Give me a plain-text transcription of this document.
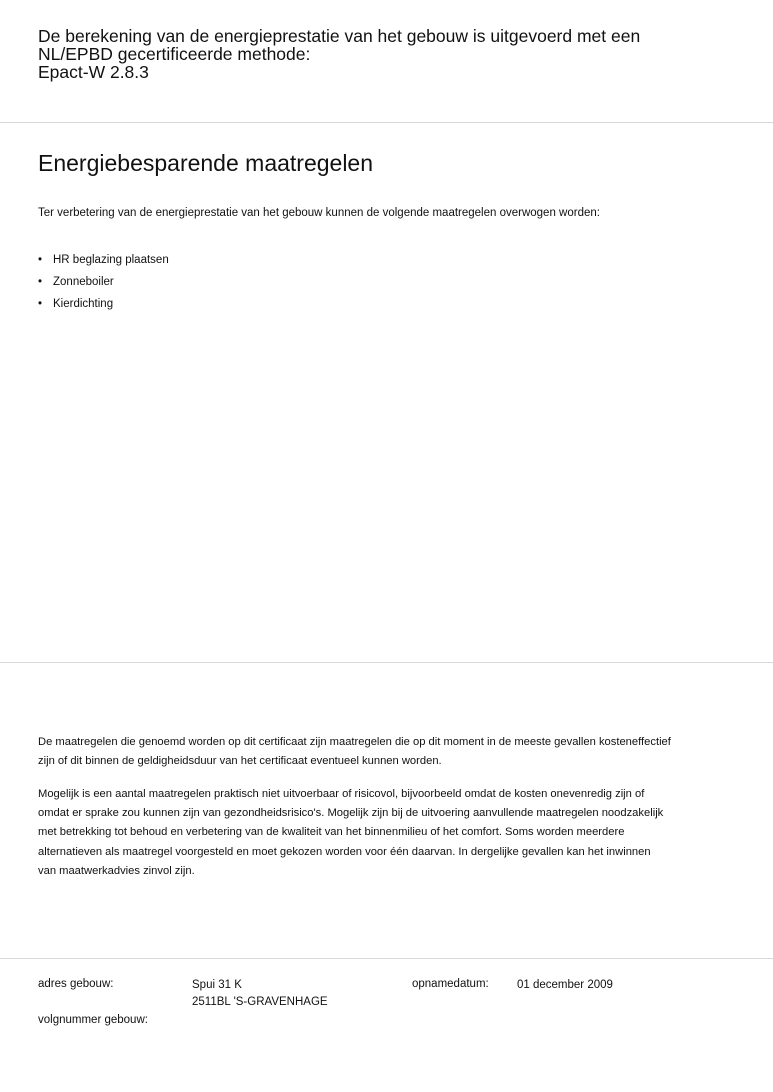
De berekening van de energieprestatie van het gebouw is uitgevoerd met een
NL/EPBD gecertificeerde methode:
Epact-W 2.8.3
Energiebesparende maatregelen
Ter verbetering van de energieprestatie van het gebouw kunnen de volgende maatregelen overwogen worden:
• HR beglazing plaatsen
• Zonneboiler
• Kierdichting
De maatregelen die genoemd worden op dit certificaat zijn maatregelen die op dit moment in de meeste gevallen kosteneffectief
zijn of dit binnen de geldigheidsduur van het certificaat eventueel kunnen worden.
Mogelijk is een aantal maatregelen praktisch niet uitvoerbaar of risicovol, bijvoorbeeld omdat de kosten onevenredig zijn of
omdat er sprake zou kunnen zijn van gezondheidsrisico's. Mogelijk zijn bij de uitvoering aanvullende maatregelen noodzakelijk
met betrekking tot behoud en verbetering van de kwaliteit van het binnenmilieu of het comfort. Soms worden meerdere
alternatieven als maatregel voorgesteld en moet gekozen worden voor één daarvan. In dergelijke gevallen kan het inwinnen
van maatwerkadvies zinvol zijn.
adres gebouw:	Spui 31 K
2511BL 'S-GRAVENHAGE
opnamedatum: 01 december 2009
volgnummer gebouw:
